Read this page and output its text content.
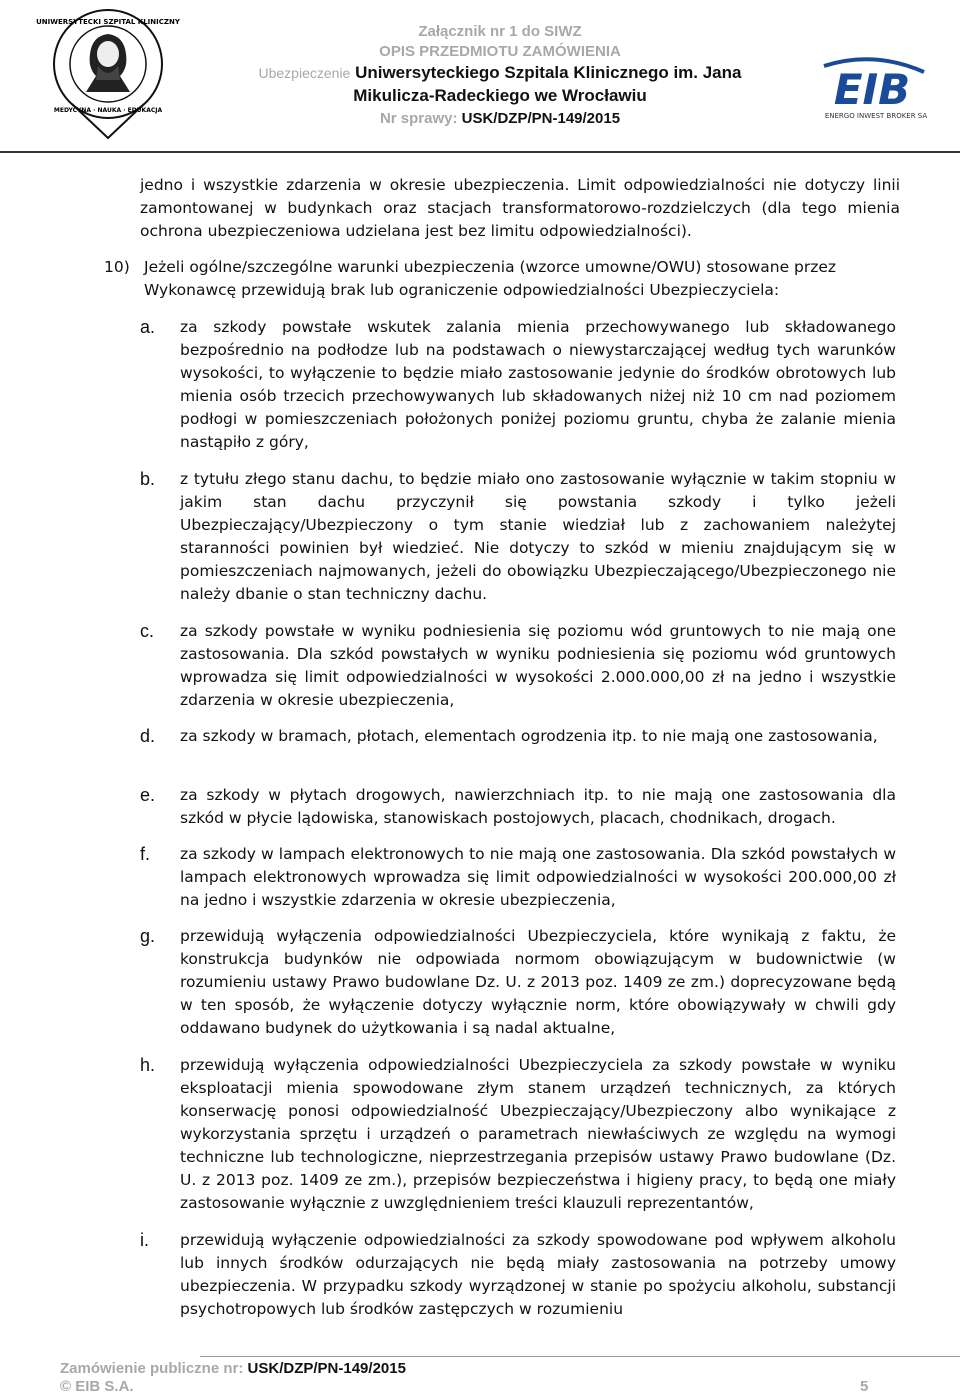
UNIWERSYTECKI SZPITAL KLINICZNY
MEDYCYNA · NAUKA · EDUKACJA
Załącznik nr 1 do SIWZ
OPIS PRZEDMIOTU ZAMÓWIENIA
Ubezpieczenie Uniwersyteckiego Szpitala Klinicznego im. Jana
Mikulicza-Radeckiego we Wrocławiu
Nr sprawy: USK/DZP/PN-149/2015
EIB
ENERGO INWEST BROKER SA
jedno i wszystkie zdarzenia w okresie ubezpieczenia. Limit odpowiedzialności nie dotyczy linii zamontowanej w budynkach oraz stacjach transformatorowo-rozdzielczych (dla tego mienia ochrona ubezpieczeniowa udzielana jest bez limitu odpowiedzialności).
10) Jeżeli ogólne/szczególne warunki ubezpieczenia (wzorce umowne/OWU) stosowane przez Wykonawcę przewidują brak lub ograniczenie odpowiedzialności Ubezpieczyciela:
a.	za szkody powstałe wskutek zalania mienia przechowywanego lub składowanego bezpośrednio na podłodze lub na podstawach o niewystarczającej według tych warunków wysokości, to wyłączenie to będzie miało zastosowanie jedynie do środków obrotowych lub mienia osób trzecich przechowywanych lub składowanych niżej niż 10 cm nad poziomem podłogi w pomieszczeniach położonych poniżej poziomu gruntu, chyba że zalanie mienia nastąpiło z góry,
b.	z tytułu złego stanu dachu, to będzie miało ono zastosowanie wyłącznie w takim stopniu w jakim stan dachu przyczynił się powstania szkody i tylko jeżeli Ubezpieczający/Ubezpieczony o tym stanie wiedział lub z zachowaniem należytej staranności powinien był wiedzieć. Nie dotyczy to szkód w mieniu znajdującym się w pomieszczeniach najmowanych, jeżeli do obowiązku Ubezpieczającego/Ubezpieczonego nie należy dbanie o stan techniczny dachu.
c.	za szkody powstałe w wyniku podniesienia się poziomu wód gruntowych to nie mają one zastosowania. Dla szkód powstałych w wyniku podniesienia się poziomu wód gruntowych wprowadza się limit odpowiedzialności w wysokości 2.000.000,00 zł na jedno i wszystkie zdarzenia w okresie ubezpieczenia,
d.	za szkody w bramach, płotach, elementach ogrodzenia itp. to nie mają one zastosowania,
e.	za szkody w płytach drogowych, nawierzchniach itp. to nie mają one zastosowania dla szkód w płycie lądowiska, stanowiskach postojowych, placach, chodnikach, drogach.
f.	za szkody w lampach elektronowych to nie mają one zastosowania. Dla szkód powstałych w lampach elektronowych wprowadza się limit odpowiedzialności w wysokości 200.000,00 zł na jedno i wszystkie zdarzenia w okresie ubezpieczenia,
g.	przewidują wyłączenia odpowiedzialności Ubezpieczyciela, które wynikają z faktu, że konstrukcja budynków nie odpowiada normom obowiązującym w budownictwie (w rozumieniu ustawy Prawo budowlane Dz. U. z 2013 poz. 1409 ze zm.) doprecyzowane będą w ten sposób, że wyłączenie dotyczy wyłącznie norm, które obowiązywały w chwili gdy oddawano budynek do użytkowania i są nadal aktualne,
h.	przewidują wyłączenia odpowiedzialności Ubezpieczyciela za szkody powstałe w wyniku eksploatacji mienia spowodowane złym stanem urządzeń technicznych, za których konserwację ponosi odpowiedzialność Ubezpieczający/Ubezpieczony albo wynikające z wykorzystania sprzętu i urządzeń o parametrach niewłaściwych ze względu na wymogi techniczne lub technologiczne, nieprzestrzegania przepisów ustawy Prawo budowlane (Dz. U. z 2013 poz. 1409 ze zm.), przepisów bezpieczeństwa i higieny pracy, to będą one miały zastosowanie wyłącznie z uwzględnieniem treści klauzuli reprezentantów,
i.	przewidują wyłączenie odpowiedzialności za szkody spowodowane pod wpływem alkoholu lub innych środków odurzających nie będą miały zastosowania na potrzeby umowy ubezpieczenia. W przypadku szkody wyrządzonej w stanie po spożyciu alkoholu, substancji psychotropowych lub środków zastępczych w rozumieniu
Zamówienie publiczne nr: USK/DZP/PN-149/2015
© EIB S.A.	5
